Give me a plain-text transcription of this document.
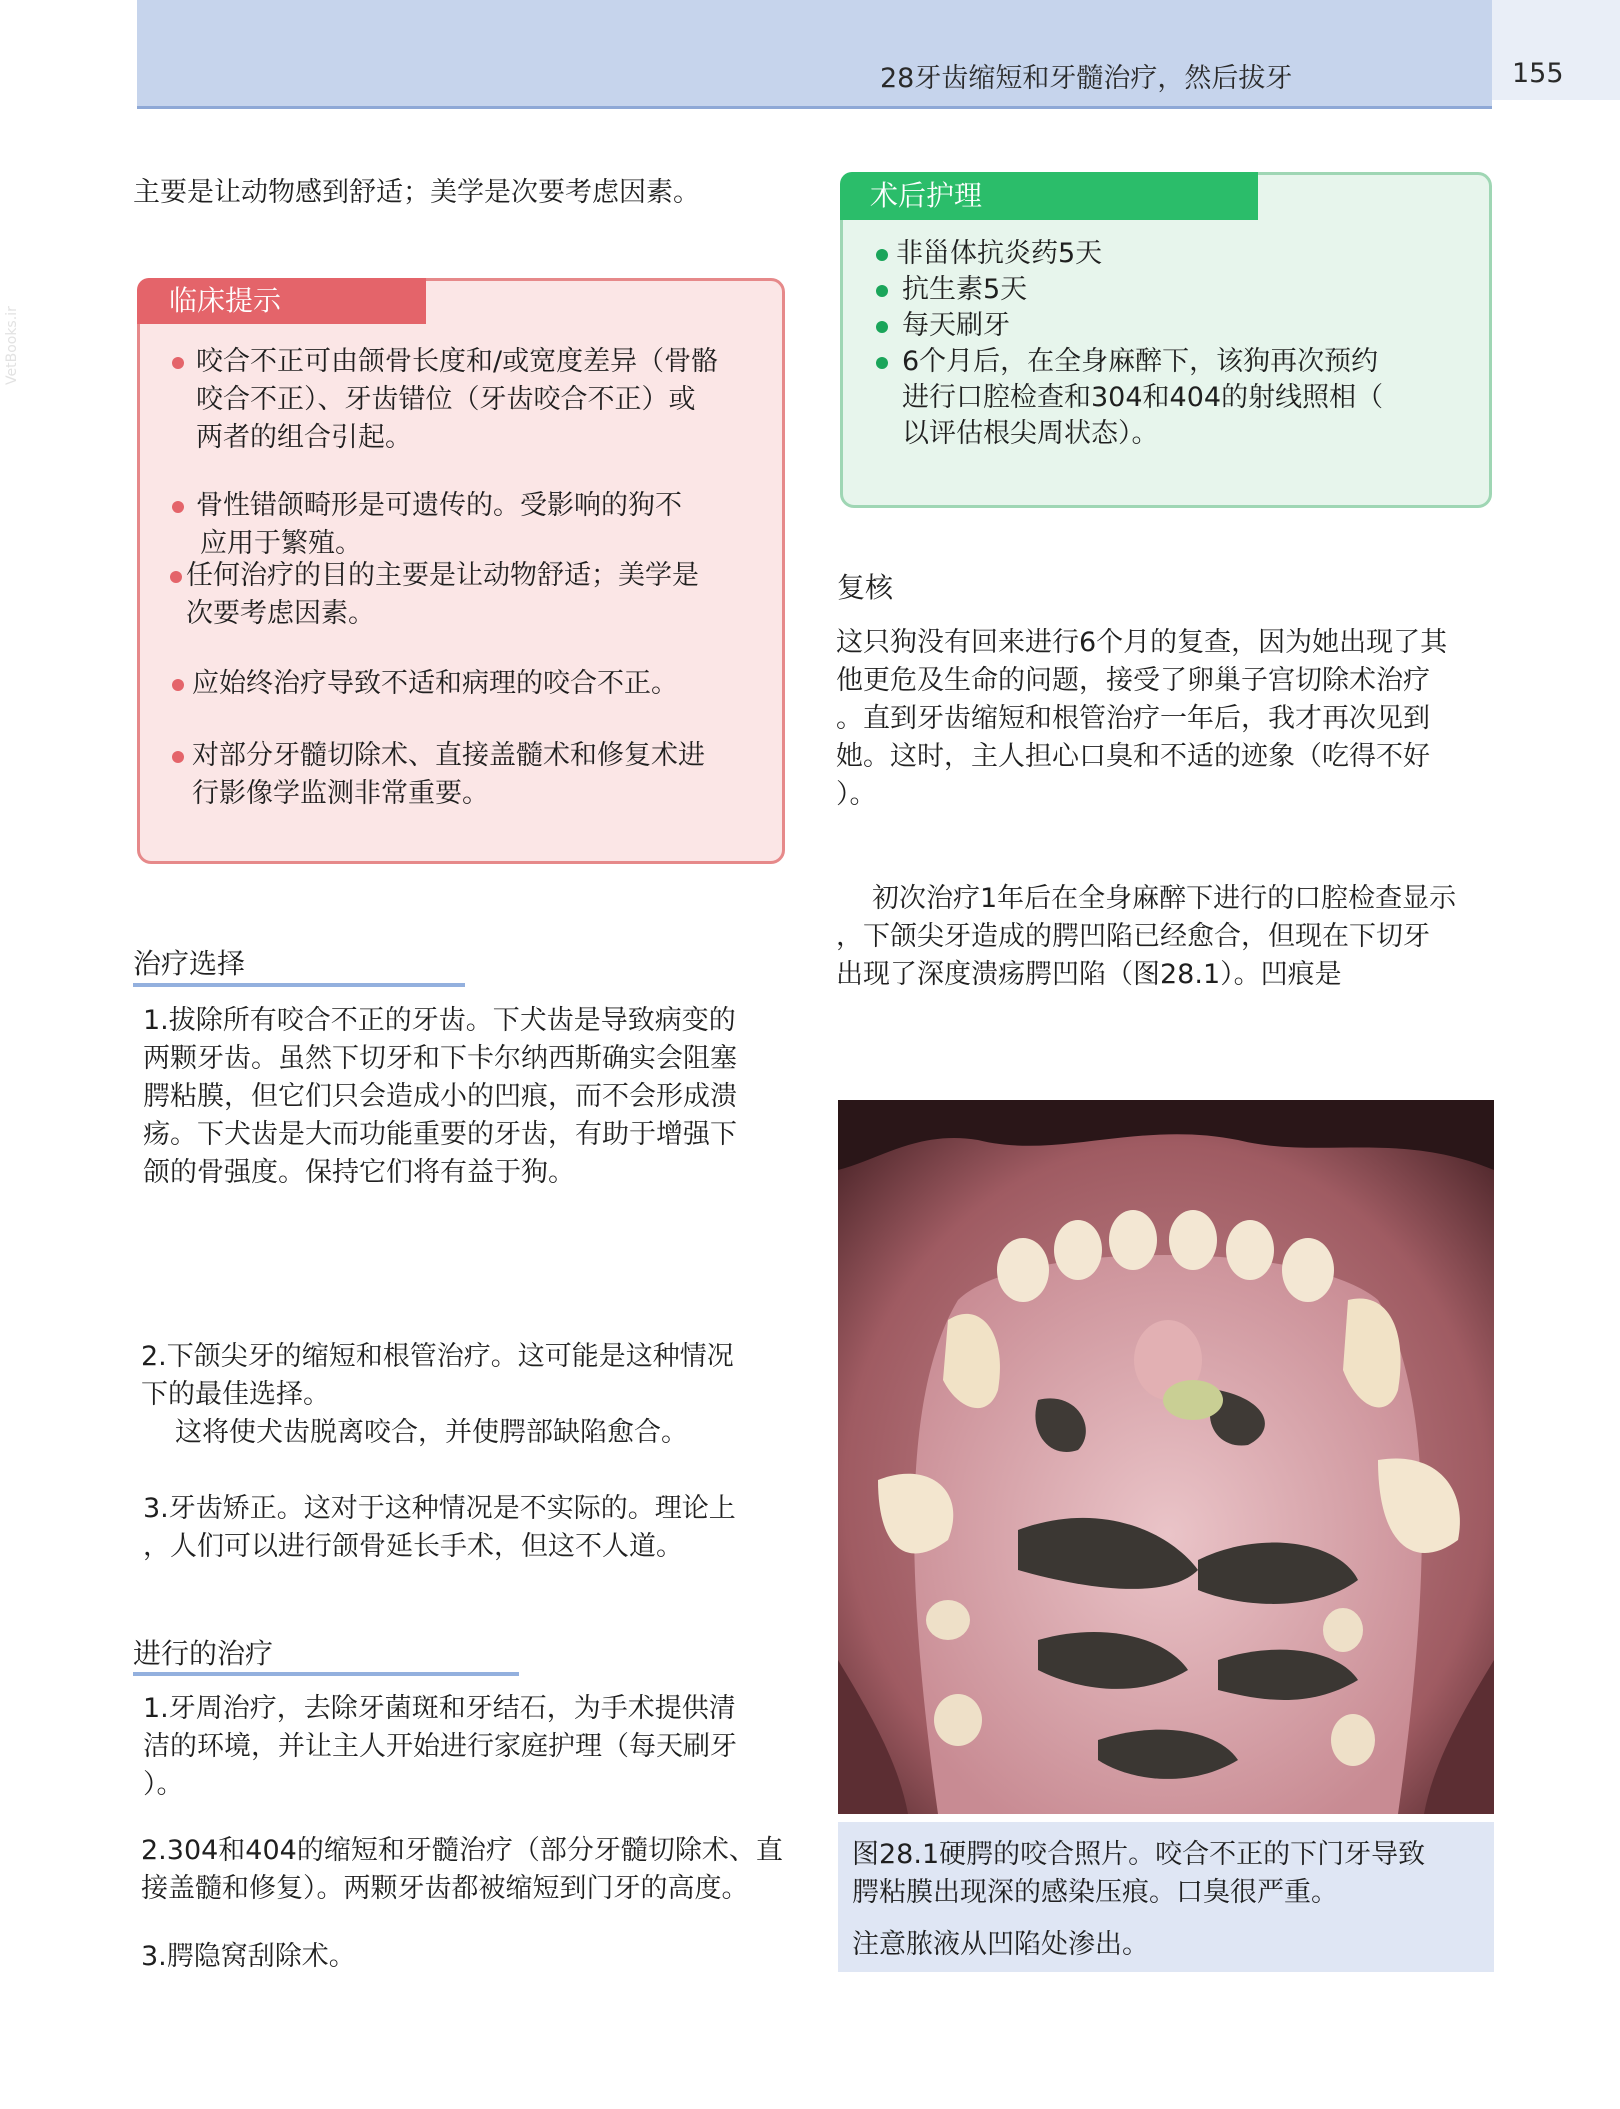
28牙齿缩短和牙髓治疗，然后拔牙	155
VetBooks.ir
主要是让动物感到舒适；美学是次要考虑因素。
临床提示

咬合不正可由颌骨长度和/或宽度差异（骨骼

咬合不正）、牙齿错位（牙齿咬合不正）或

两者的组合引起。

骨性错颌畸形是可遗传的。受影响的狗不

应用于繁殖。

任何治疗的目的主要是让动物舒适；美学是

次要考虑因素。

应始终治疗导致不适和病理的咬合不正。

对部分牙髓切除术、直接盖髓术和修复术进

行影像学监测非常重要。

治疗选择

1.拔除所有咬合不正的牙齿。下犬齿是导致病变的

两颗牙齿。虽然下切牙和下卡尔纳西斯确实会阻塞

腭粘膜，但它们只会造成小的凹痕，而不会形成溃

疡。下犬齿是大而功能重要的牙齿，有助于增强下

颌的骨强度。保持它们将有益于狗。

2.下颌尖牙的缩短和根管治疗。这可能是这种情况

下的最佳选择。

这将使犬齿脱离咬合，并使腭部缺陷愈合。

3.牙齿矫正。这对于这种情况是不实际的。理论上

，人们可以进行颌骨延长手术，但这不人道。

进行的治疗

1.牙周治疗，去除牙菌斑和牙结石，为手术提供清

洁的环境，并让主人开始进行家庭护理（每天刷牙

）。

2.304和404的缩短和牙髓治疗（部分牙髓切除术、直

接盖髓和修复）。两颗牙齿都被缩短到门牙的高度。

3.腭隐窝刮除术。

术后护理

非甾体抗炎药5天

抗生素5天

每天刷牙

6个月后，在全身麻醉下，该狗再次预约

进行口腔检查和304和404的射线照相（

以评估根尖周状态）。

复核

这只狗没有回来进行6个月的复查，因为她出现了其

他更危及生命的问题，接受了卵巢子宫切除术治疗

。直到牙齿缩短和根管治疗一年后，我才再次见到

她。这时，主人担心口臭和不适的迹象（吃得不好

）。

初次治疗1年后在全身麻醉下进行的口腔检查显示

，下颌尖牙造成的腭凹陷已经愈合，但现在下切牙

出现了深度溃疡腭凹陷（图28.1）。凹痕是

图28.1硬腭的咬合照片。咬合不正的下门牙导致

腭粘膜出现深的感染压痕。口臭很严重。

注意脓液从凹陷处渗出。
